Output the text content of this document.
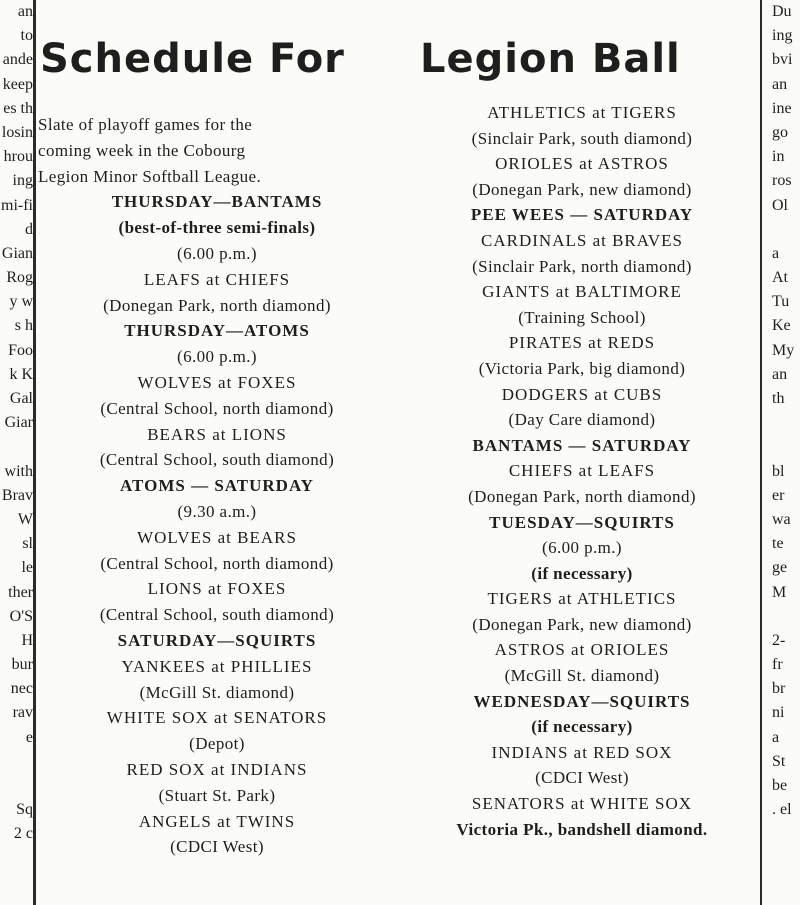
an
to
ande
keep
es th
losin
hrou
ing
mi-fi
d
Gian
Rog
y w
s h
Foo
k K
Gal
Giar
with
Brav
W
sl
le
ther
O'S
H
bur
nec
rav
e
Sq
2 c
Du
ing
bvi
an
ine
go
in
ros
Ol
a
At
Tu
Ke
My
an
th
bl
er
wa
te
ge
M
2-
fr
br
ni
a
St
be
. el
Schedule For Legion Ball
Slate of playoff games for the
coming week in the Cobourg
Legion Minor Softball League.
THURSDAY—BANTAMS
(best-of-three semi-finals)
(6.00 p.m.)
LEAFS at CHIEFS
(Donegan Park, north diamond)
THURSDAY—ATOMS
(6.00 p.m.)
WOLVES at FOXES
(Central School, north diamond)
BEARS at LIONS
(Central School, south diamond)
ATOMS — SATURDAY
(9.30 a.m.)
WOLVES at BEARS
(Central School, north diamond)
LIONS at FOXES
(Central School, south diamond)
SATURDAY—SQUIRTS
YANKEES at PHILLIES
(McGill St. diamond)
WHITE SOX at SENATORS
(Depot)
RED SOX at INDIANS
(Stuart St. Park)
ANGELS at TWINS
(CDCI West)
ATHLETICS at TIGERS
(Sinclair Park, south diamond)
ORIOLES at ASTROS
(Donegan Park, new diamond)
PEE WEES — SATURDAY
CARDINALS at BRAVES
(Sinclair Park, north diamond)
GIANTS at BALTIMORE
(Training School)
PIRATES at REDS
(Victoria Park, big diamond)
DODGERS at CUBS
(Day Care diamond)
BANTAMS — SATURDAY
CHIEFS at LEAFS
(Donegan Park, north diamond)
TUESDAY—SQUIRTS
(6.00 p.m.)
(if necessary)
TIGERS at ATHLETICS
(Donegan Park, new diamond)
ASTROS at ORIOLES
(McGill St. diamond)
WEDNESDAY—SQUIRTS
(if necessary)
INDIANS at RED SOX
(CDCI West)
SENATORS at WHITE SOX
Victoria Pk., bandshell diamond.
